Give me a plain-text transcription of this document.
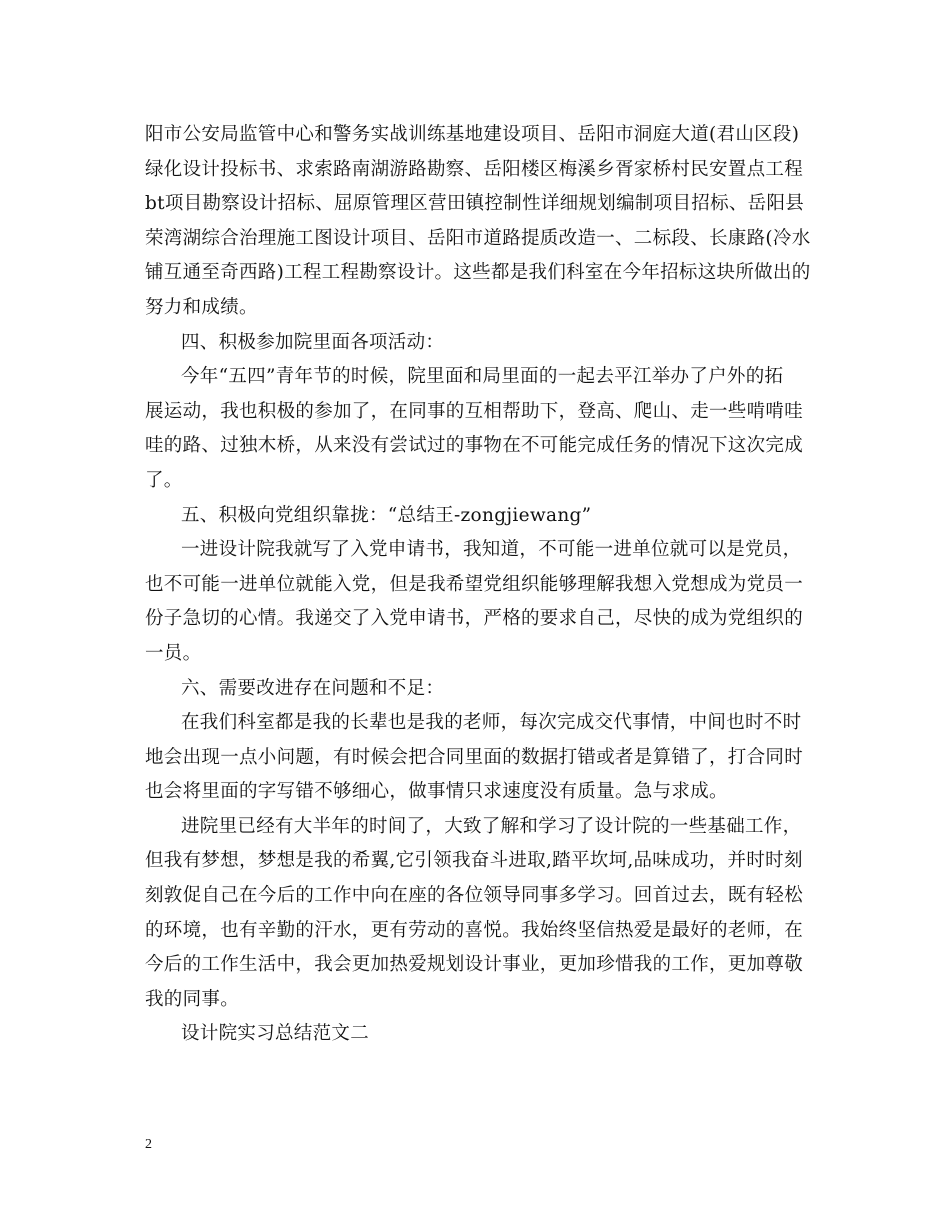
阳市公安局监管中心和警务实战训练基地建设项目、岳阳市洞庭大道(君山区段)
绿化设计投标书、求索路南湖游路勘察、岳阳楼区梅溪乡胥家桥村民安置点工程
bt项目勘察设计招标、屈原管理区营田镇控制性详细规划编制项目招标、岳阳县
荣湾湖综合治理施工图设计项目、岳阳市道路提质改造一、二标段、长康路(冷水
铺互通至奇西路)工程工程勘察设计。这些都是我们科室在今年招标这块所做出的
努力和成绩。
四、积极参加院里面各项活动：
今年“五四”青年节的时候，院里面和局里面的一起去平江举办了户外的拓
展运动，我也积极的参加了，在同事的互相帮助下，登高、爬山、走一些啃啃哇
哇的路、过独木桥，从来没有尝试过的事物在不可能完成任务的情况下这次完成
了。
五、积极向党组织靠拢：“总结王-zongjiewang”
一进设计院我就写了入党申请书，我知道，不可能一进单位就可以是党员，
也不可能一进单位就能入党，但是我希望党组织能够理解我想入党想成为党员一
份子急切的心情。我递交了入党申请书，严格的要求自己，尽快的成为党组织的
一员。
六、需要改进存在问题和不足：
在我们科室都是我的长辈也是我的老师，每次完成交代事情，中间也时不时
地会出现一点小问题，有时候会把合同里面的数据打错或者是算错了，打合同时
也会将里面的字写错不够细心，做事情只求速度没有质量。急与求成。
进院里已经有大半年的时间了，大致了解和学习了设计院的一些基础工作，
但我有梦想，梦想是我的希翼,它引领我奋斗进取,踏平坎坷,品味成功，并时时刻
刻敦促自己在今后的工作中向在座的各位领导同事多学习。回首过去，既有轻松
的环境，也有辛勤的汗水，更有劳动的喜悦。我始终坚信热爱是最好的老师，在
今后的工作生活中，我会更加热爱规划设计事业，更加珍惜我的工作，更加尊敬
我的同事。
设计院实习总结范文二
2
